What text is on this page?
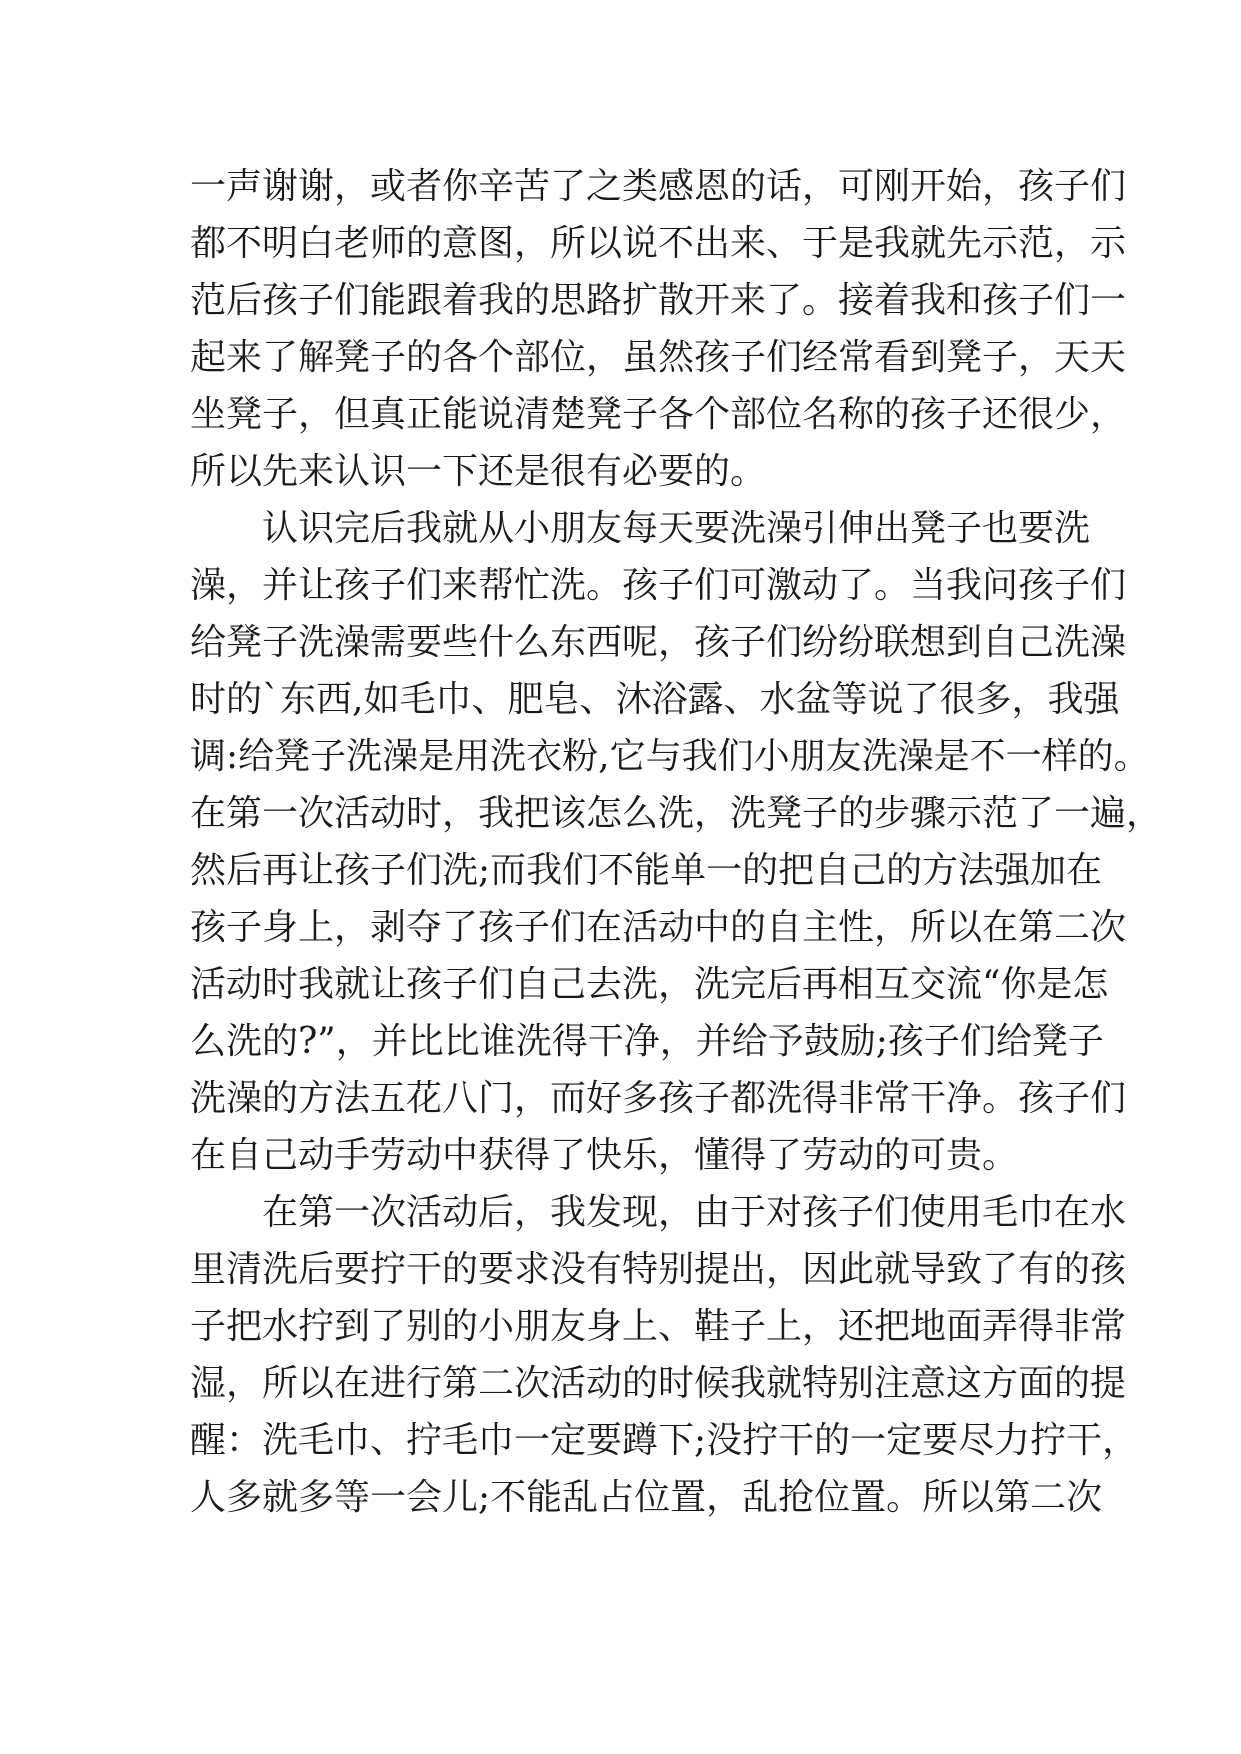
一声谢谢，或者你辛苦了之类感恩的话，可刚开始，孩子们
都不明白老师的意图，所以说不出来、于是我就先示范，示
范后孩子们能跟着我的思路扩散开来了。接着我和孩子们一
起来了解凳子的各个部位，虽然孩子们经常看到凳子，天天
坐凳子，但真正能说清楚凳子各个部位名称的孩子还很少，
所以先来认识一下还是很有必要的。
认识完后我就从小朋友每天要洗澡引伸出凳子也要洗
澡，并让孩子们来帮忙洗。孩子们可激动了。当我问孩子们
给凳子洗澡需要些什么东西呢，孩子们纷纷联想到自己洗澡
时的`东西,如毛巾、肥皂、沐浴露、水盆等说了很多，我强
调:给凳子洗澡是用洗衣粉,它与我们小朋友洗澡是不一样的。
在第一次活动时，我把该怎么洗，洗凳子的步骤示范了一遍，
然后再让孩子们洗;而我们不能单一的把自己的方法强加在
孩子身上，剥夺了孩子们在活动中的自主性，所以在第二次
活动时我就让孩子们自己去洗，洗完后再相互交流“你是怎
么洗的?”，并比比谁洗得干净，并给予鼓励;孩子们给凳子
洗澡的方法五花八门，而好多孩子都洗得非常干净。孩子们
在自己动手劳动中获得了快乐，懂得了劳动的可贵。
在第一次活动后，我发现，由于对孩子们使用毛巾在水
里清洗后要拧干的要求没有特别提出，因此就导致了有的孩
子把水拧到了别的小朋友身上、鞋子上，还把地面弄得非常
湿，所以在进行第二次活动的时候我就特别注意这方面的提
醒：洗毛巾、拧毛巾一定要蹲下;没拧干的一定要尽力拧干，
人多就多等一会儿;不能乱占位置，乱抢位置。所以第二次
